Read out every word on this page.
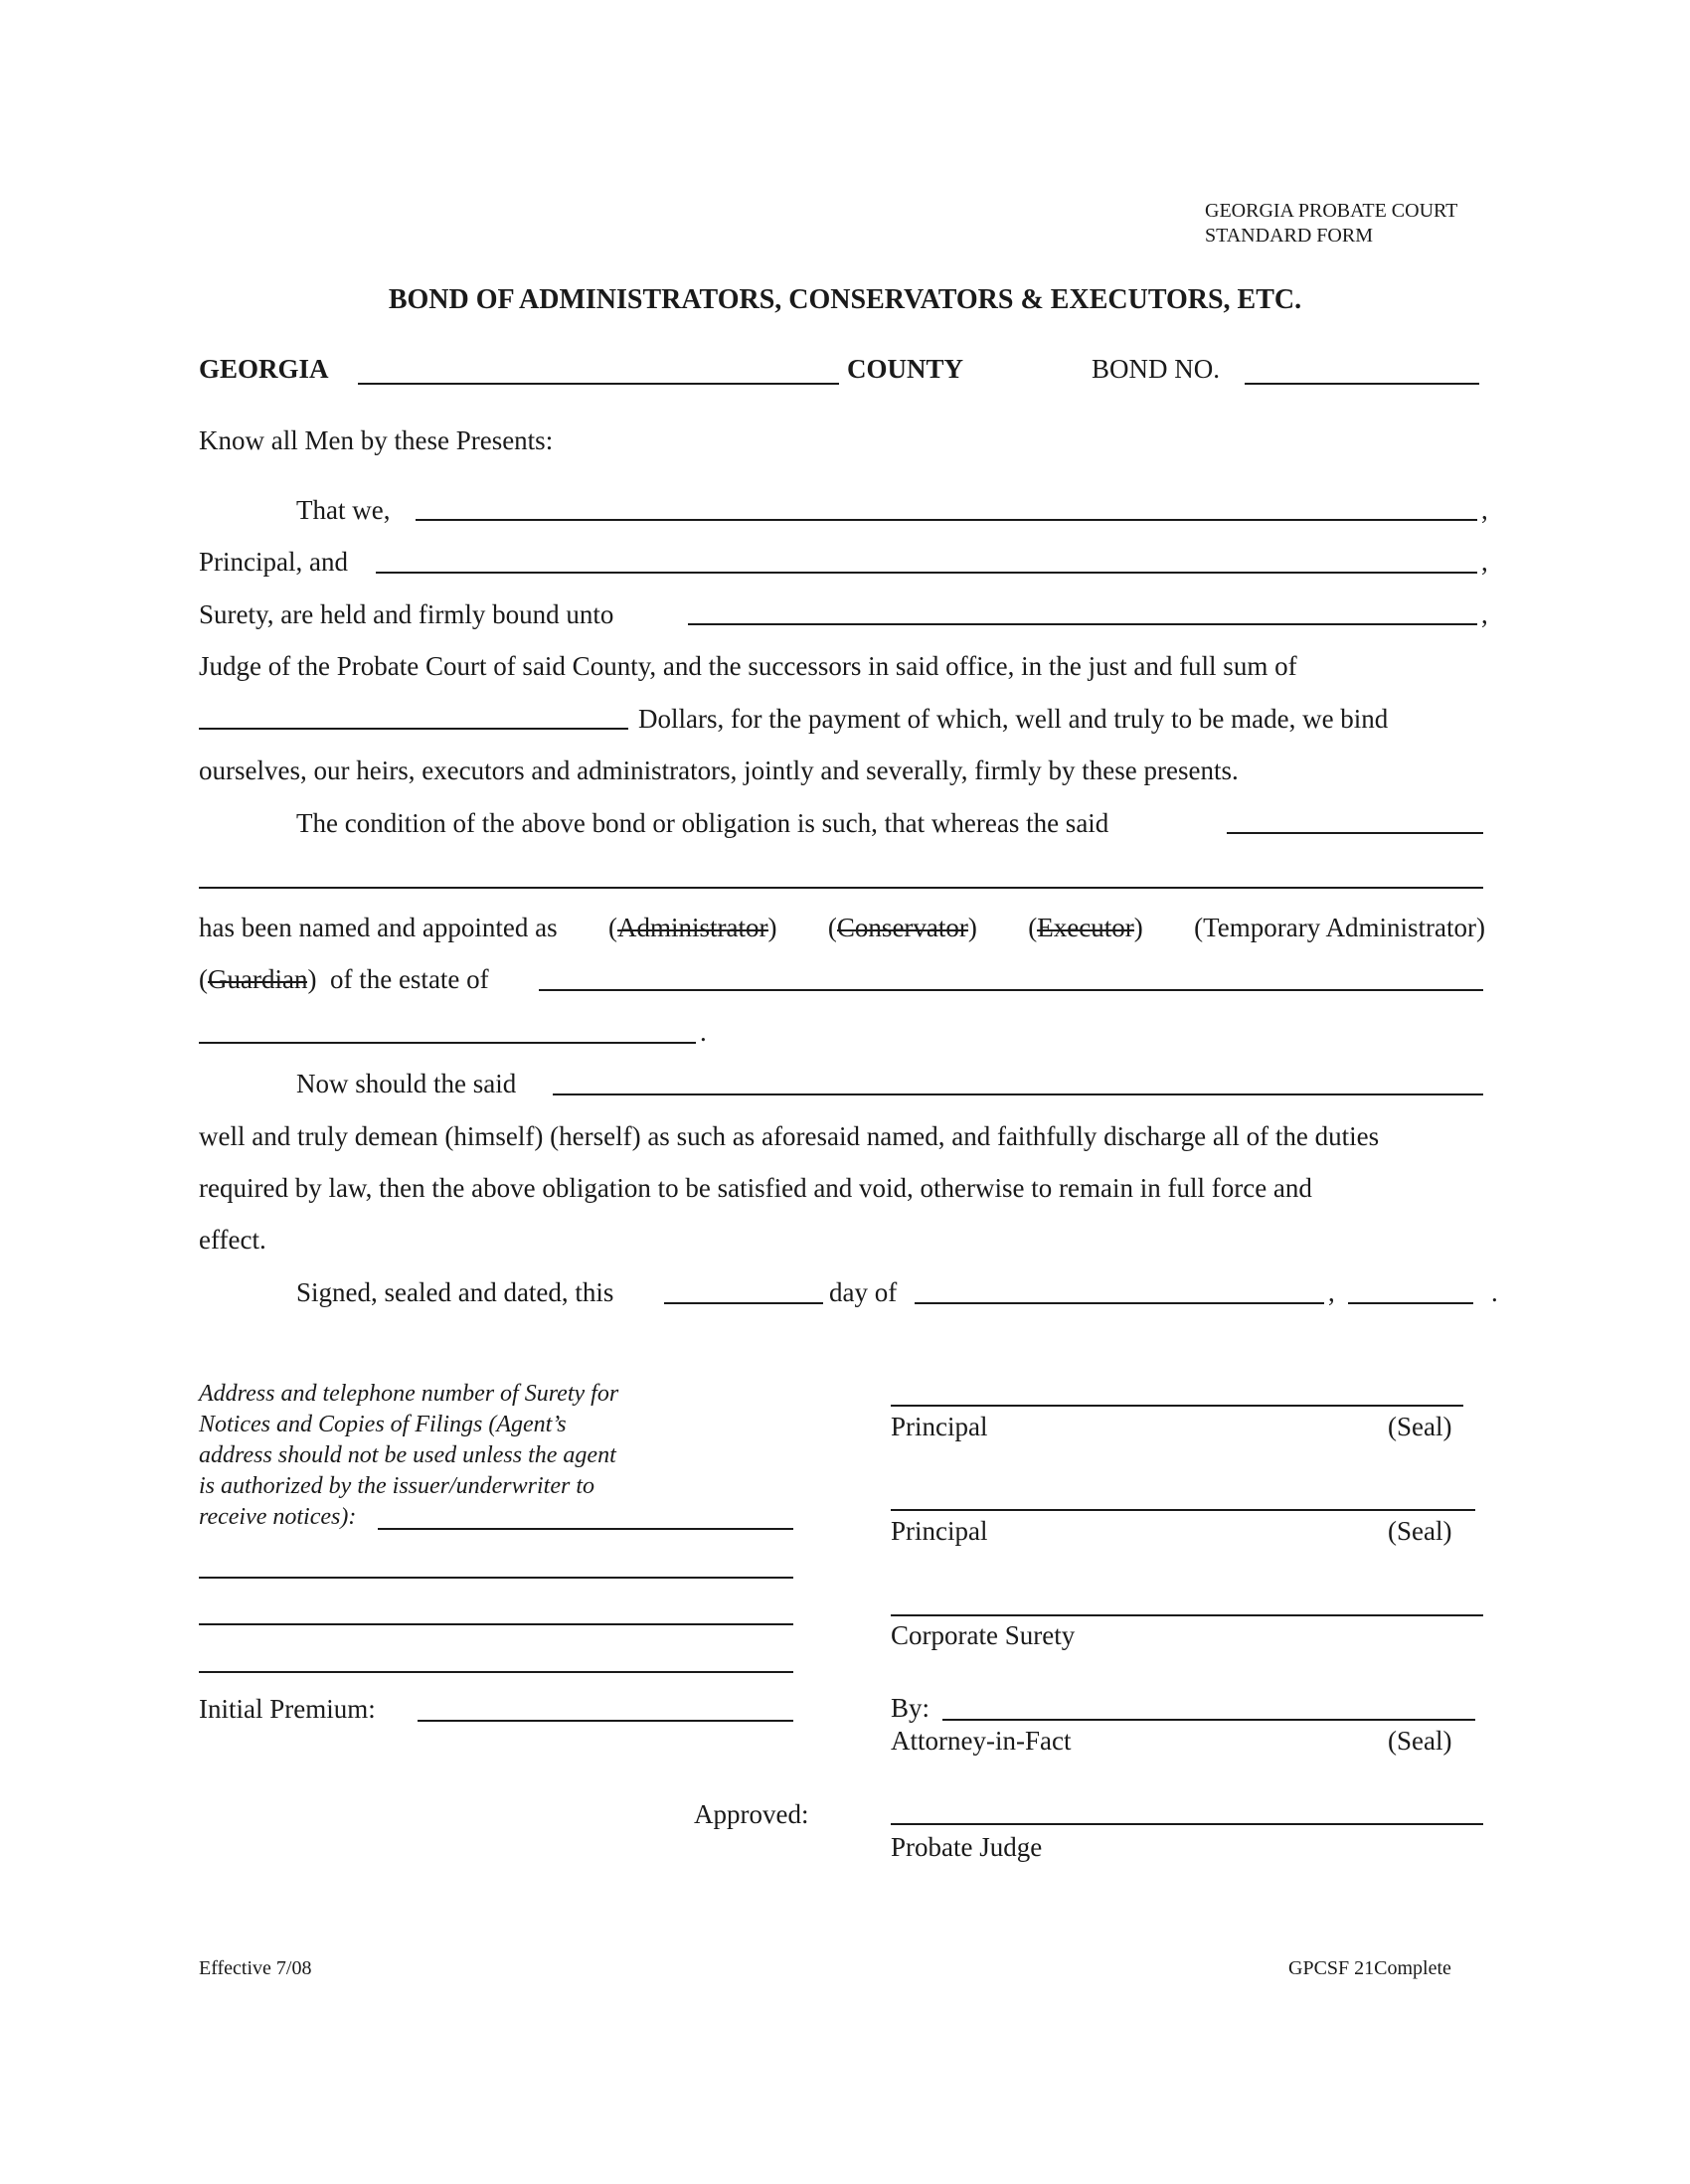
GEORGIA PROBATE COURT
STANDARD FORM
BOND OF ADMINISTRATORS, CONSERVATORS & EXECUTORS, ETC.
GEORGIA	COUNTY	BOND NO.
Know all Men by these Presents:
That we,	,
Principal, and	,
Surety, are held and firmly bound unto	,
Judge of the Probate Court of said County, and the successors in said office, in the just and full sum of
Dollars, for the payment of which, well and truly to be made, we bind
ourselves, our heirs, executors and administrators, jointly and severally, firmly by these presents.
The condition of the above bond or obligation is such, that whereas the said
has been named and appointed as (Administrator) (Conservator) (Executor) (Temporary Administrator)
(Guardian)  of the estate of
.
Now should the said
well and truly demean (himself) (herself) as such as aforesaid named, and faithfully discharge all of the duties
required by law, then the above obligation to be satisfied and void, otherwise to remain in full force and
effect.
Signed, sealed and dated, this	day of	,	.
Address and telephone number of Surety for
Notices and Copies of Filings (Agent’s
address should not be used unless the agent
is authorized by the issuer/underwriter to
receive notices):
Initial Premium:
Principal	(Seal)
Principal	(Seal)
Corporate Surety
By:
Attorney-in-Fact	(Seal)
Approved:
Probate Judge
Effective 7/08	GPCSF 21Complete
